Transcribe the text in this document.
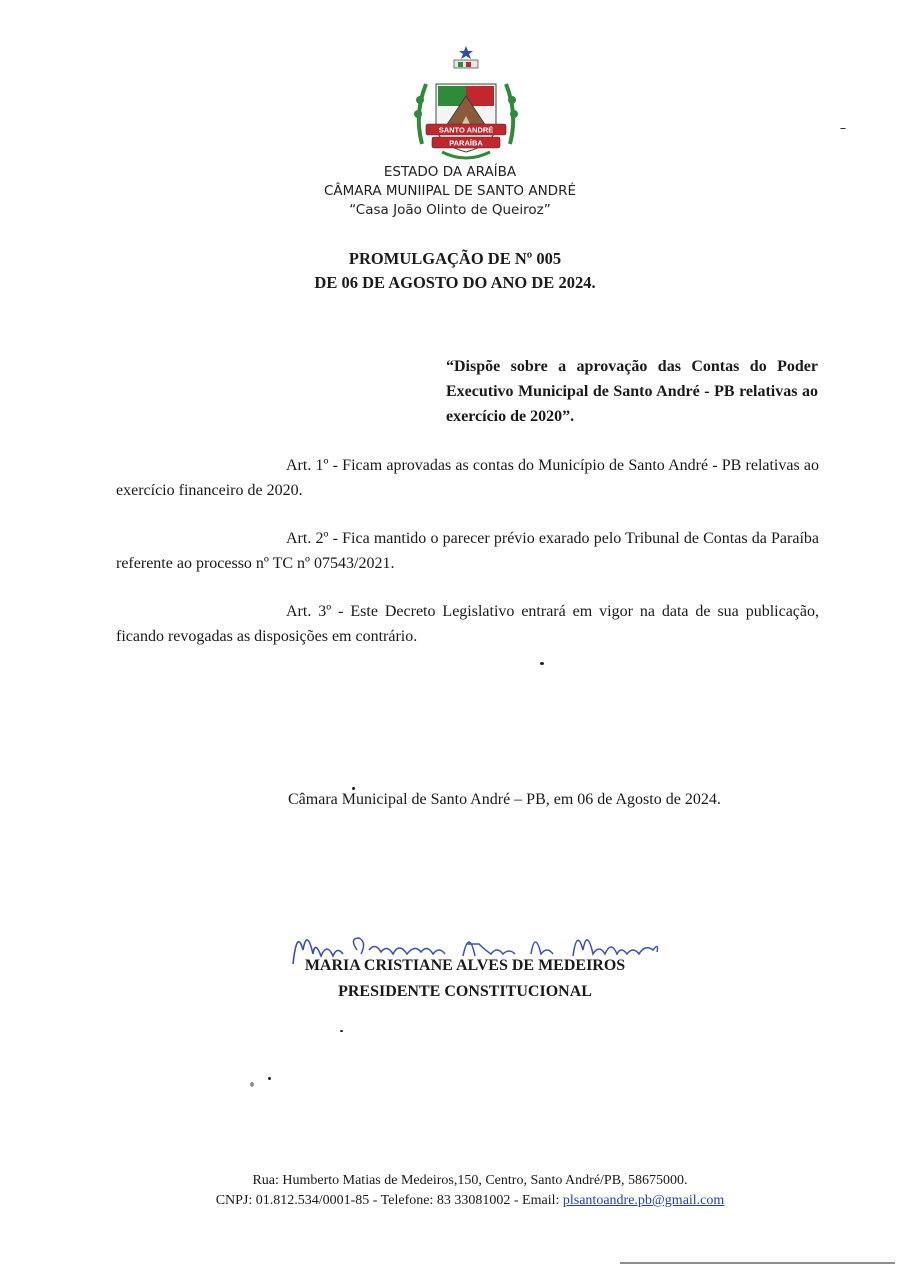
SANTO ANDRÉ
PARAÍBA
ESTADO DA ARAÍBA
CÂMARA MUNIIPAL DE SANTO ANDRÉ
“Casa João Olinto de Queiroz”
PROMULGAÇÃO DE Nº 005
DE 06 DE AGOSTO DO ANO DE 2024.
“Dispõe sobre a aprovação das Contas do Poder Executivo Municipal de Santo André - PB relativas ao exercício de 2020”.
Art. 1º - Ficam aprovadas as contas do Município de Santo André - PB relativas ao exercício financeiro de 2020.
Art. 2º - Fica mantido o parecer prévio exarado pelo Tribunal de Contas da Paraíba referente ao processo nº TC nº 07543/2021.
Art. 3º - Este Decreto Legislativo entrará em vigor na data de sua publicação, ficando revogadas as disposições em contrário.
Câmara Municipal de Santo André – PB, em 06 de Agosto de 2024.
MARIA CRISTIANE ALVES DE MEDEIROS
PRESIDENTE CONSTITUCIONAL
Rua: Humberto Matias de Medeiros,150, Centro, Santo André/PB, 58675000.
CNPJ: 01.812.534/0001-85 - Telefone: 83 33081002 - Email: plsantoandre.pb@gmail.com
